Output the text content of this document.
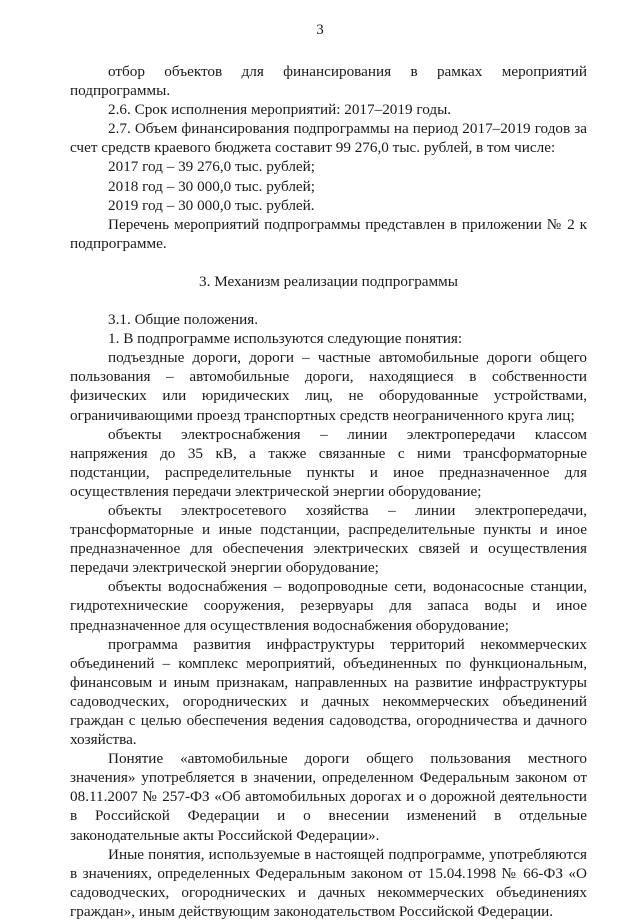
3

отбор объектов для финансирования в рамках мероприятий подпрограммы.

2.6. Срок исполнения мероприятий: 2017–2019 годы.

2.7. Объем финансирования подпрограммы на период 2017–2019 годов за счет средств краевого бюджета составит 99 276,0 тыс. рублей, в том числе:

2017 год – 39 276,0 тыс. рублей;

2018 год – 30 000,0 тыс. рублей;

2019 год – 30 000,0 тыс. рублей.

Перечень мероприятий подпрограммы представлен в приложении № 2 к подпрограмме.

3. Механизм реализации подпрограммы

3.1. Общие положения.

1. В подпрограмме используются следующие понятия:

подъездные дороги, дороги – частные автомобильные дороги общего пользования – автомобильные дороги, находящиеся в собственности физических или юридических лиц, не оборудованные устройствами, ограничивающими проезд транспортных средств неограниченного круга лиц;

объекты электроснабжения – линии электропередачи классом напряжения до 35 кВ, а также связанные с ними трансформаторные подстанции, распределительные пункты и иное предназначенное для осуществления передачи электрической энергии оборудование;

объекты электросетевого хозяйства – линии электропередачи, трансформаторные и иные подстанции, распределительные пункты и иное предназначенное для обеспечения электрических связей и осуществления передачи электрической энергии оборудование;

объекты водоснабжения – водопроводные сети, водонасосные станции, гидротехнические сооружения, резервуары для запаса воды и иное предназначенное для осуществления водоснабжения оборудование;

программа развития инфраструктуры территорий некоммерческих объединений – комплекс мероприятий, объединенных по функциональным, финансовым и иным признакам, направленных на развитие инфраструктуры садоводческих, огороднических и дачных некоммерческих объединений граждан с целью обеспечения ведения садоводства, огородничества и дачного хозяйства.

Понятие «автомобильные дороги общего пользования местного значения» употребляется в значении, определенном Федеральным законом от 08.11.2007 № 257-ФЗ «Об автомобильных дорогах и о дорожной деятельности в Российской Федерации и о внесении изменений в отдельные законодательные акты Российской Федерации».

Иные понятия, используемые в настоящей подпрограмме, употребляются в значениях, определенных Федеральным законом от 15.04.1998 № 66-ФЗ «О садоводческих, огороднических и дачных некоммерческих объединениях граждан», иным действующим законодательством Российской Федерации.
